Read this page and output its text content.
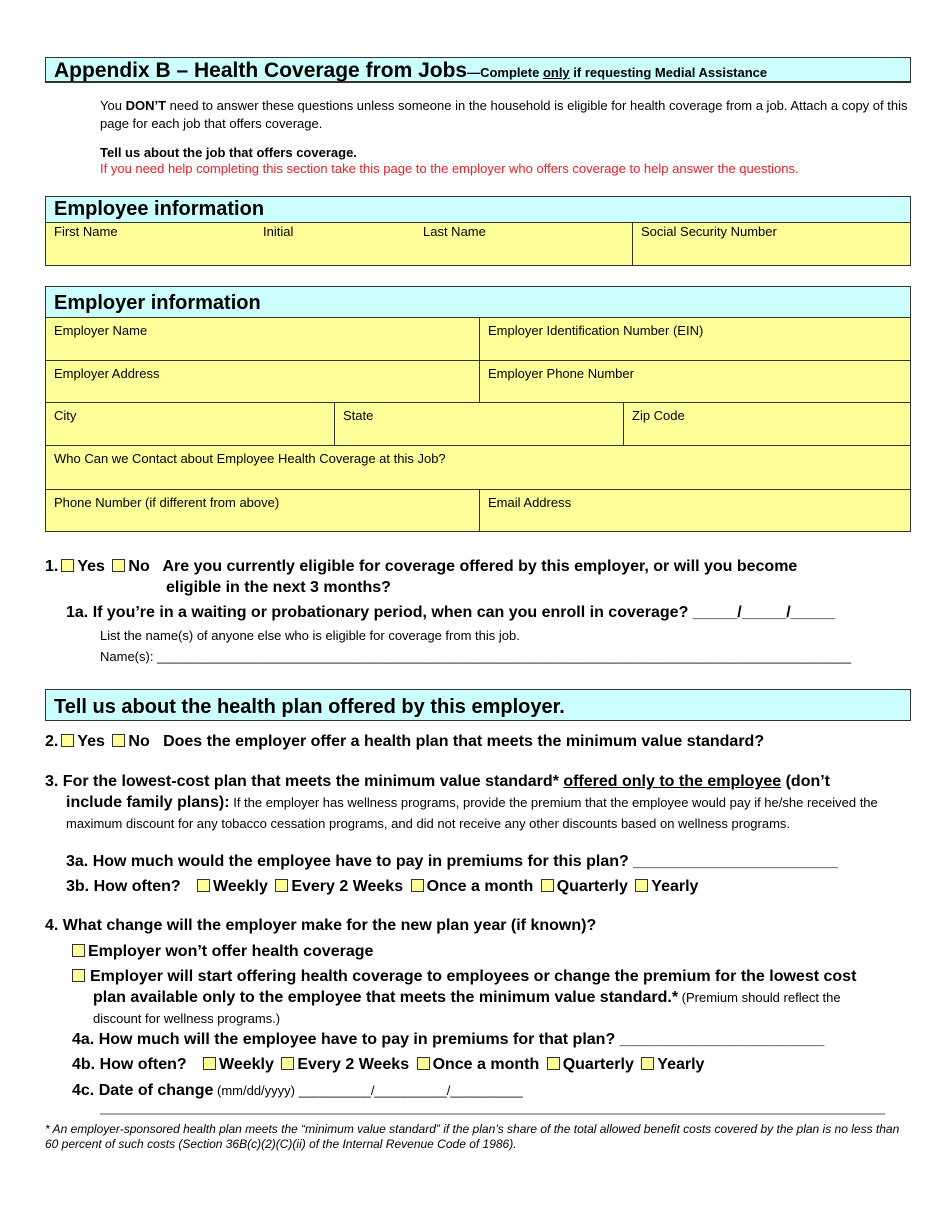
Appendix B – Health Coverage from Jobs—Complete only if requesting Medial Assistance
You DON’T need to answer these questions unless someone in the household is eligible for health coverage from a job. Attach a copy of this page for each job that offers coverage.
Tell us about the job that offers coverage.
If you need help completing this section take this page to the employer who offers coverage to help answer the questions.
Employee information
First Name	Initial	Last Name	Social Security Number
Employer information
Employer Name	Employer Identification Number (EIN)
Employer Address	Employer Phone Number
City	State	Zip Code
Who Can we Contact about Employee Health Coverage at this Job?
Phone Number (if different from above)	Email Address
1. Yes No Are you currently eligible for coverage offered by this employer, or will you become
eligible in the next 3 months?
1a. If you’re in a waiting or probationary period, when can you enroll in coverage? _____/_____/_____
List the name(s) of anyone else who is eligible for coverage from this job.
Name(s): ________________________________________________________________________________________________
Tell us about the health plan offered by this employer.
2. Yes No Does the employer offer a health plan that meets the minimum value standard?
3. For the lowest-cost plan that meets the minimum value standard* offered only to the employee (don’t

include family plans): If the employer has wellness programs, provide the premium that the employee would pay if he/she received the maximum discount for any tobacco cessation programs, and did not receive any other discounts based on wellness programs.
3a. How much would the employee have to pay in premiums for this plan? _______________________
3b. How often? Weekly Every 2 Weeks Once a month Quarterly Yearly
4. What change will the employer make for the new plan year (if known)?
Employer won’t offer health coverage
Employer will start offering health coverage to employees or change the premium for the lowest cost plan available only to the employee that meets the minimum value standard.* (Premium should reflect the discount for wellness programs.)
4a. How much will the employee have to pay in premiums for that plan? _______________________
4b. How often? Weekly Every 2 Weeks Once a month Quarterly Yearly
4c. Date of change (mm/dd/yyyy) __________/__________/__________
* An employer-sponsored health plan meets the “minimum value standard” if the plan’s share of the total allowed benefit costs covered by the plan is no less than 60 percent of such costs (Section 36B(c)(2)(C)(ii) of the Internal Revenue Code of 1986).
